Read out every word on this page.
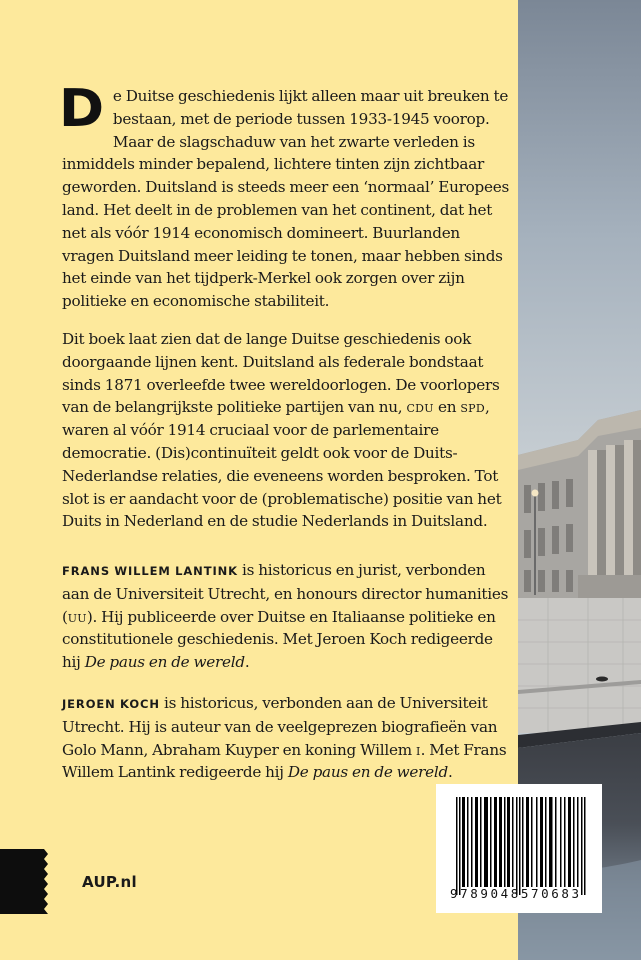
De Duitse geschiedenis lijkt alleen maar uit breuken te bestaan, met de periode tussen 1933-1945 voorop. Maar de slagschaduw van het zwarte verleden is inmiddels minder bepalend, lichtere tinten zijn zichtbaar geworden. Duitsland is steeds meer een ‘normaal’ Europees land. Het deelt in de problemen van het continent, dat het net als vóór 1914 economisch domineert. Buurlanden vragen Duitsland meer leiding te tonen, maar hebben sinds het einde van het tijdperk-Merkel ook zorgen over zijn politieke en economische stabiliteit.

Dit boek laat zien dat de lange Duitse geschiedenis ook doorgaande lijnen kent. Duitsland als federale bondstaat sinds 1871 overleefde twee wereldoorlogen. De voorlopers van de belangrijkste politieke partijen van nu, cdu en spd, waren al vóór 1914 cruciaal voor de parlementaire democratie. (Dis)continuïteit geldt ook voor de Duits-Nederlandse relaties, die eveneens worden besproken. Tot slot is er aandacht voor de (problematische) positie van het Duits in Nederland en de studie Nederlands in Duitsland.

FRANS WILLEM LANTINK is historicus en jurist, verbonden aan de Universiteit Utrecht, en honours director humanities (uu). Hij publiceerde over Duitse en Italiaanse politieke en constitutionele geschiedenis. Met Jeroen Koch redigeerde hij De paus en de wereld.

JEROEN KOCH is historicus, verbonden aan de Universiteit Utrecht. Hij is auteur van de veelgeprezen biografieën van Golo Mann, Abraham Kuyper en koning Willem i. Met Frans Willem Lantink redigeerde hij De paus en de wereld.

9789048570683
AUP.nl
